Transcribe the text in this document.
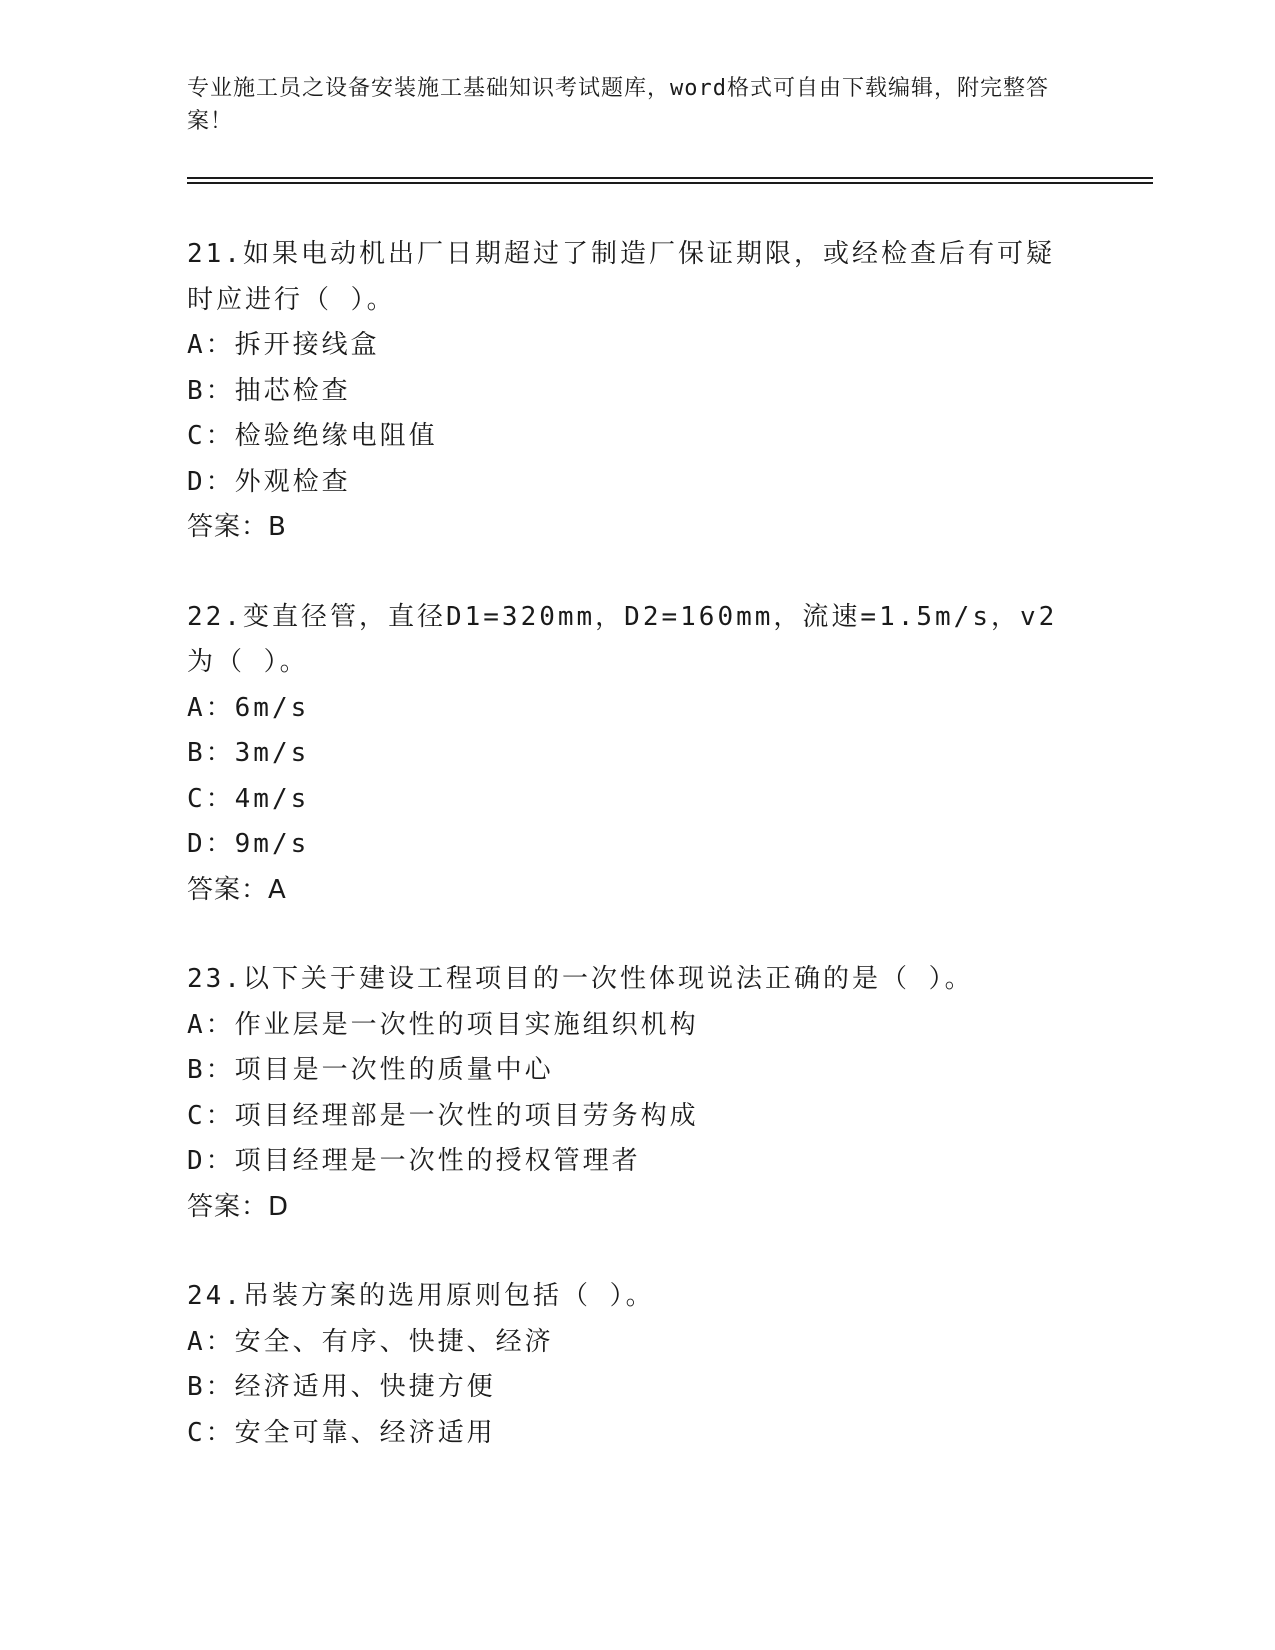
专业施工员之设备安装施工基础知识考试题库，word格式可自由下载编辑，附完整答案！
21.如果电动机出厂日期超过了制造厂保证期限，或经检查后有可疑时应进行（ ）。
A：拆开接线盒
B：抽芯检查
C：检验绝缘电阻值
D：外观检查
答案：B
22.变直径管，直径D1=320mm，D2=160mm，流速=1.5m/s，v2为（ ）。
A：6m/s
B：3m/s
C：4m/s
D：9m/s
答案：A
23.以下关于建设工程项目的一次性体现说法正确的是（ ）。
A：作业层是一次性的项目实施组织机构
B：项目是一次性的质量中心
C：项目经理部是一次性的项目劳务构成
D：项目经理是一次性的授权管理者
答案：D
24.吊装方案的选用原则包括（ ）。
A：安全、有序、快捷、经济
B：经济适用、快捷方便
C：安全可靠、经济适用
